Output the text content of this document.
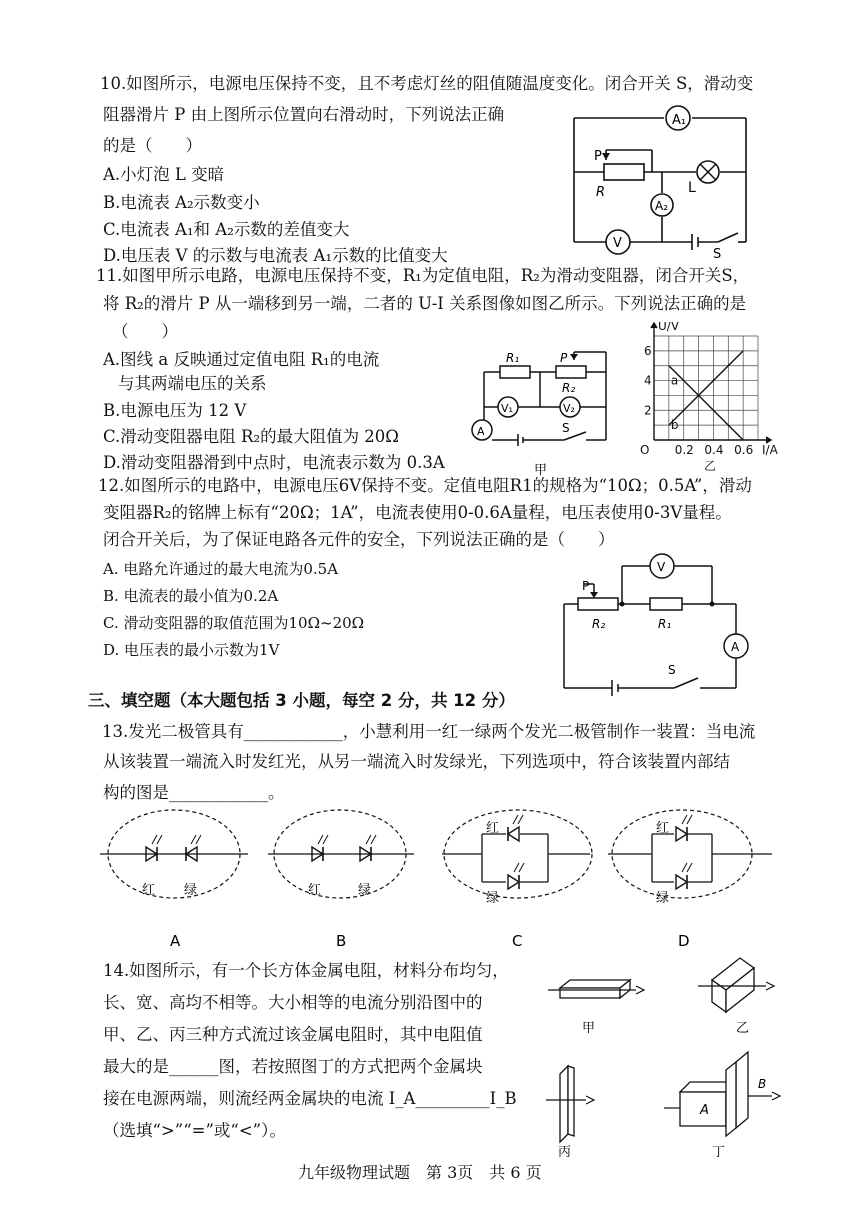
10.如图所示，电源电压保持不变，且不考虑灯丝的阻值随温度变化。闭合开关 S，滑动变
阻器滑片 P 由上图所示位置向右滑动时，下列说法正确
的是（　　）
A.小灯泡 L 变暗
B.电流表 A₂示数变小
C.电流表 A₁和 A₂示数的差值变大
D.电压表 V 的示数与电流表 A₁示数的比值变大
A₁
A₂
V
P
R	L
S
11.如图甲所示电路，电源电压保持不变，R₁为定值电阻，R₂为滑动变阻器，闭合开关S，
将 R₂的滑片 P 从一端移到另一端，二者的 U-I 关系图像如图乙所示。下列说法正确的是
（　　）
A.图线 a 反映通过定值电阻 R₁的电流
与其两端电压的关系
B.电源电压为 12 V
C.滑动变阻器电阻 R₂的最大阻值为 20Ω
D.滑动变阻器滑到中点时，电流表示数为 0.3A
V₁	V₂
A
R₁
R₂
P
S
甲
U/V
I/A
O
2
4
6
0.2 0.4 0.6
a
b
乙
12.如图所示的电路中，电源电压6V保持不变。定值电阻R1的规格为“10Ω；0.5A”，滑动
变阻器R₂的铭牌上标有“20Ω；1A”，电流表使用0-0.6A量程，电压表使用0-3V量程。
闭合开关后，为了保证电路各元件的安全，下列说法正确的是（　　）
A. 电路允许通过的最大电流为0.5A
B. 电流表的最小值为0.2A
C. 滑动变阻器的取值范围为10Ω~20Ω
D. 电压表的最小示数为1V
V
A
P
R₂	R₁
S
三、填空题（本大题包括 3 小题，每空 2 分，共 12 分）
13.发光二极管具有____________，小慧利用一红一绿两个发光二极管制作一装置：当电流
从该装置一端流入时发红光，从另一端流入时发绿光，下列选项中，符合该装置内部结
构的图是____________。
红 绿
A
红	绿
B
红
绿
C
红
绿
D
14.如图所示，有一个长方体金属电阻，材料分布均匀，
长、宽、高均不相等。大小相等的电流分别沿图中的
甲、乙、丙三种方式流过该金属电阻时，其中电阻值
最大的是______图，若按照图丁的方式把两个金属块
接在电源两端，则流经两金属块的电流 I_A_________I_B
（选填“>”“=”或“<”）。
甲	乙
丙	丁
A
B
九年级物理试题　第 3页　共 6 页
